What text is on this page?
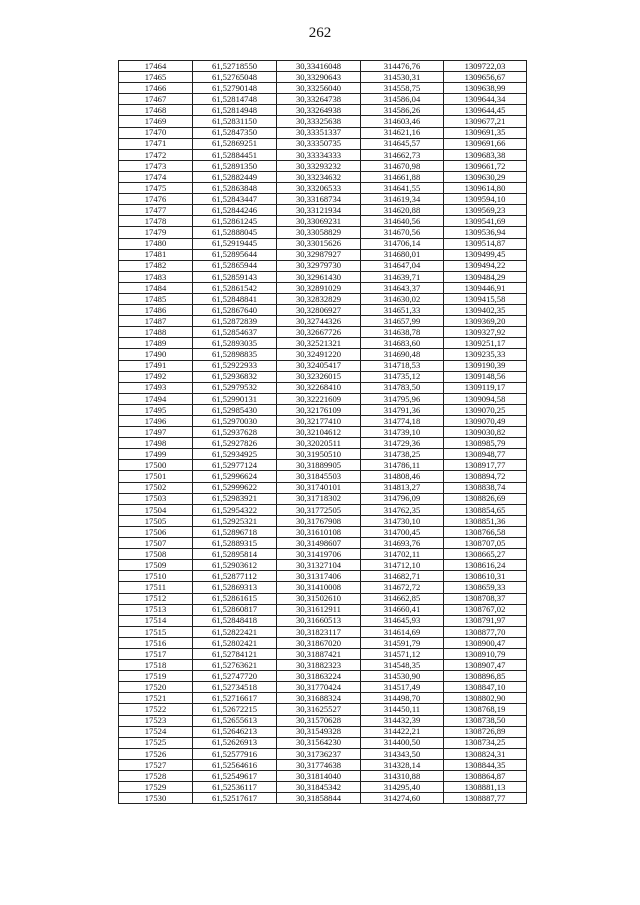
262
17464	61,52718550	30,33416048	314476,76	1309722,03
17465	61,52765048	30,33290643	314530,31	1309656,67
17466	61,52790148	30,33256040	314558,75	1309638,99
17467	61,52814748	30,33264738	314586,04	1309644,34
17468	61,52814948	30,33264938	314586,26	1309644,45
17469	61,52831150	30,33325638	314603,46	1309677,21
17470	61,52847350	30,33351337	314621,16	1309691,35
17471	61,52869251	30,33350735	314645,57	1309691,66
17472	61,52884451	30,33334333	314662,73	1309683,38
17473	61,52891350	30,33293232	314670,98	1309661,72
17474	61,52882449	30,33234632	314661,88	1309630,29
17475	61,52863848	30,33206533	314641,55	1309614,80
17476	61,52843447	30,33168734	314619,34	1309594,10
17477	61,52844246	30,33121934	314620,88	1309569,23
17478	61,52861245	30,33069231	314640,56	1309541,69
17479	61,52888045	30,33058829	314670,56	1309536,94
17480	61,52919445	30,33015626	314706,14	1309514,87
17481	61,52895644	30,32987927	314680,01	1309499,45
17482	61,52865944	30,32979730	314647,04	1309494,22
17483	61,52859143	30,32961430	314639,71	1309484,29
17484	61,52861542	30,32891029	314643,37	1309446,91
17485	61,52848841	30,32832829	314630,02	1309415,58
17486	61,52867640	30,32806927	314651,33	1309402,35
17487	61,52872839	30,32744326	314657,99	1309369,20
17488	61,52854637	30,32667726	314638,78	1309327,92
17489	61,52893035	30,32521321	314683,60	1309251,17
17490	61,52898835	30,32491220	314690,48	1309235,33
17491	61,52922933	30,32405417	314718,53	1309190,39
17492	61,52936832	30,32326015	314735,12	1309148,56
17493	61,52979532	30,32268410	314783,50	1309119,17
17494	61,52990131	30,32221609	314795,96	1309094,58
17495	61,52985430	30,32176109	314791,36	1309070,25
17496	61,52970030	30,32177410	314774,18	1309070,49
17497	61,52937628	30,32104612	314739,10	1309030,82
17498	61,52927826	30,32020511	314729,36	1308985,79
17499	61,52934925	30,31950510	314738,25	1308948,77
17500	61,52977124	30,31889905	314786,11	1308917,77
17501	61,52996624	30,31845503	314808,46	1308894,72
17502	61,52999622	30,31740101	314813,27	1308838,74
17503	61,52983921	30,31718302	314796,09	1308826,69
17504	61,52954322	30,31772505	314762,35	1308854,65
17505	61,52925321	30,31767908	314730,10	1308851,36
17506	61,52896718	30,31610108	314700,45	1308766,58
17507	61,52889315	30,31498607	314693,76	1308707,05
17508	61,52895814	30,31419706	314702,11	1308665,27
17509	61,52903612	30,31327104	314712,10	1308616,24
17510	61,52877112	30,31317406	314682,71	1308610,31
17511	61,52869313	30,31410008	314672,72	1308659,33
17512	61,52861615	30,31502610	314662,85	1308708,37
17513	61,52860817	30,31612911	314660,41	1308767,02
17514	61,52848418	30,31660513	314645,93	1308791,97
17515	61,52822421	30,31823117	314614,69	1308877,70
17516	61,52802421	30,31867020	314591,79	1308900,47
17517	61,52784121	30,31887421	314571,12	1308910,79
17518	61,52763621	30,31882323	314548,35	1308907,47
17519	61,52747720	30,31863224	314530,90	1308896,85
17520	61,52734518	30,31770424	314517,49	1308847,10
17521	61,52716617	30,31688324	314498,70	1308802,90
17522	61,52672215	30,31625527	314450,11	1308768,19
17523	61,52655613	30,31570628	314432,39	1308738,50
17524	61,52646213	30,31549328	314422,21	1308726,89
17525	61,52626913	30,31564230	314400,50	1308734,25
17526	61,52577916	30,31736237	314343,50	1308824,31
17527	61,52564616	30,31774638	314328,14	1308844,35
17528	61,52549617	30,31814040	314310,88	1308864,87
17529	61,52536117	30,31845342	314295,40	1308881,13
17530	61,52517617	30,31858844	314274,60	1308887,77
